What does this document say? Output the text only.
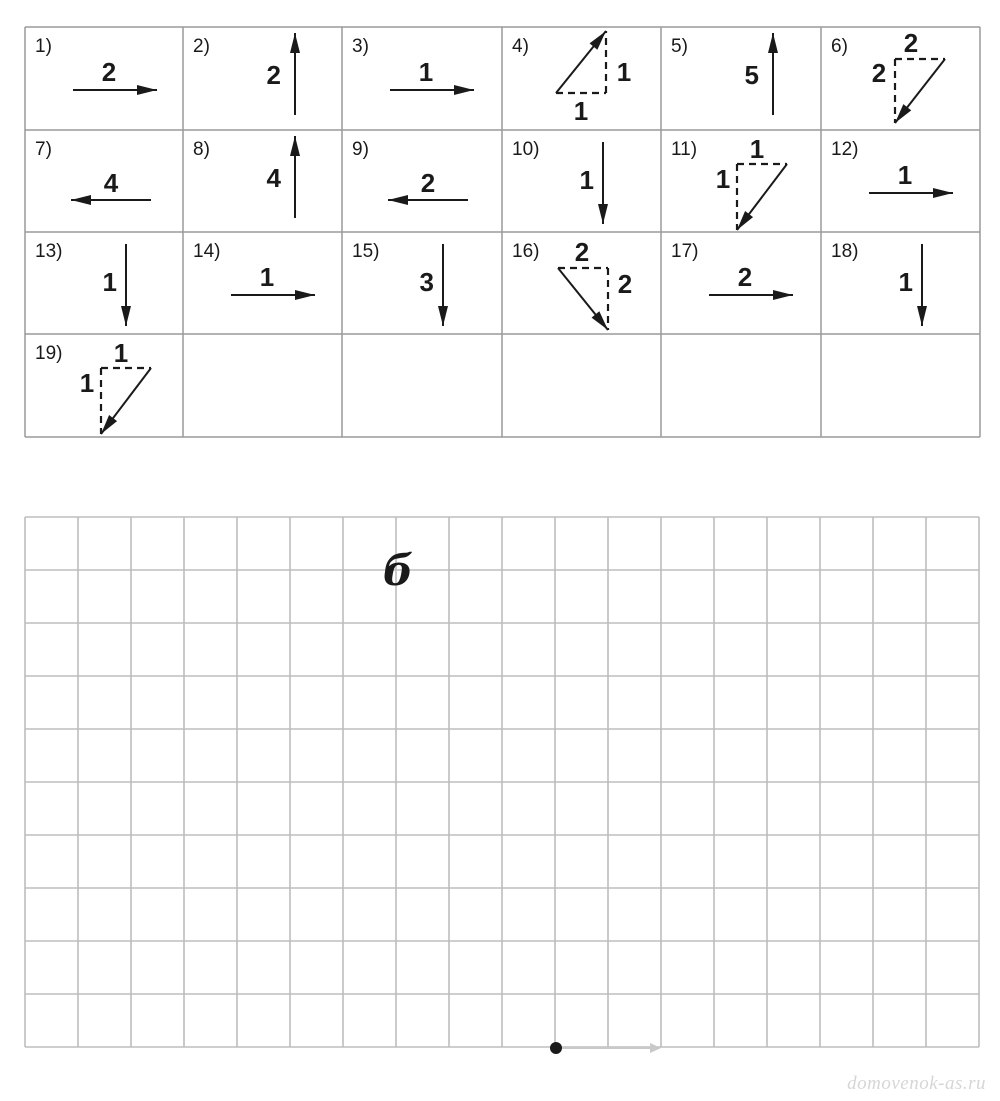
1)
2
2)
2
3)
1
4)
1
1
5)
5
6) 2
2
7)
4
8)
4
9)
2
10)
1
11) 1
1
12)
1
13)
1
14)
1
15)
3
16) 2
2
17)
2
18)
1
19) 1
1
б
domovenok-as.ru
